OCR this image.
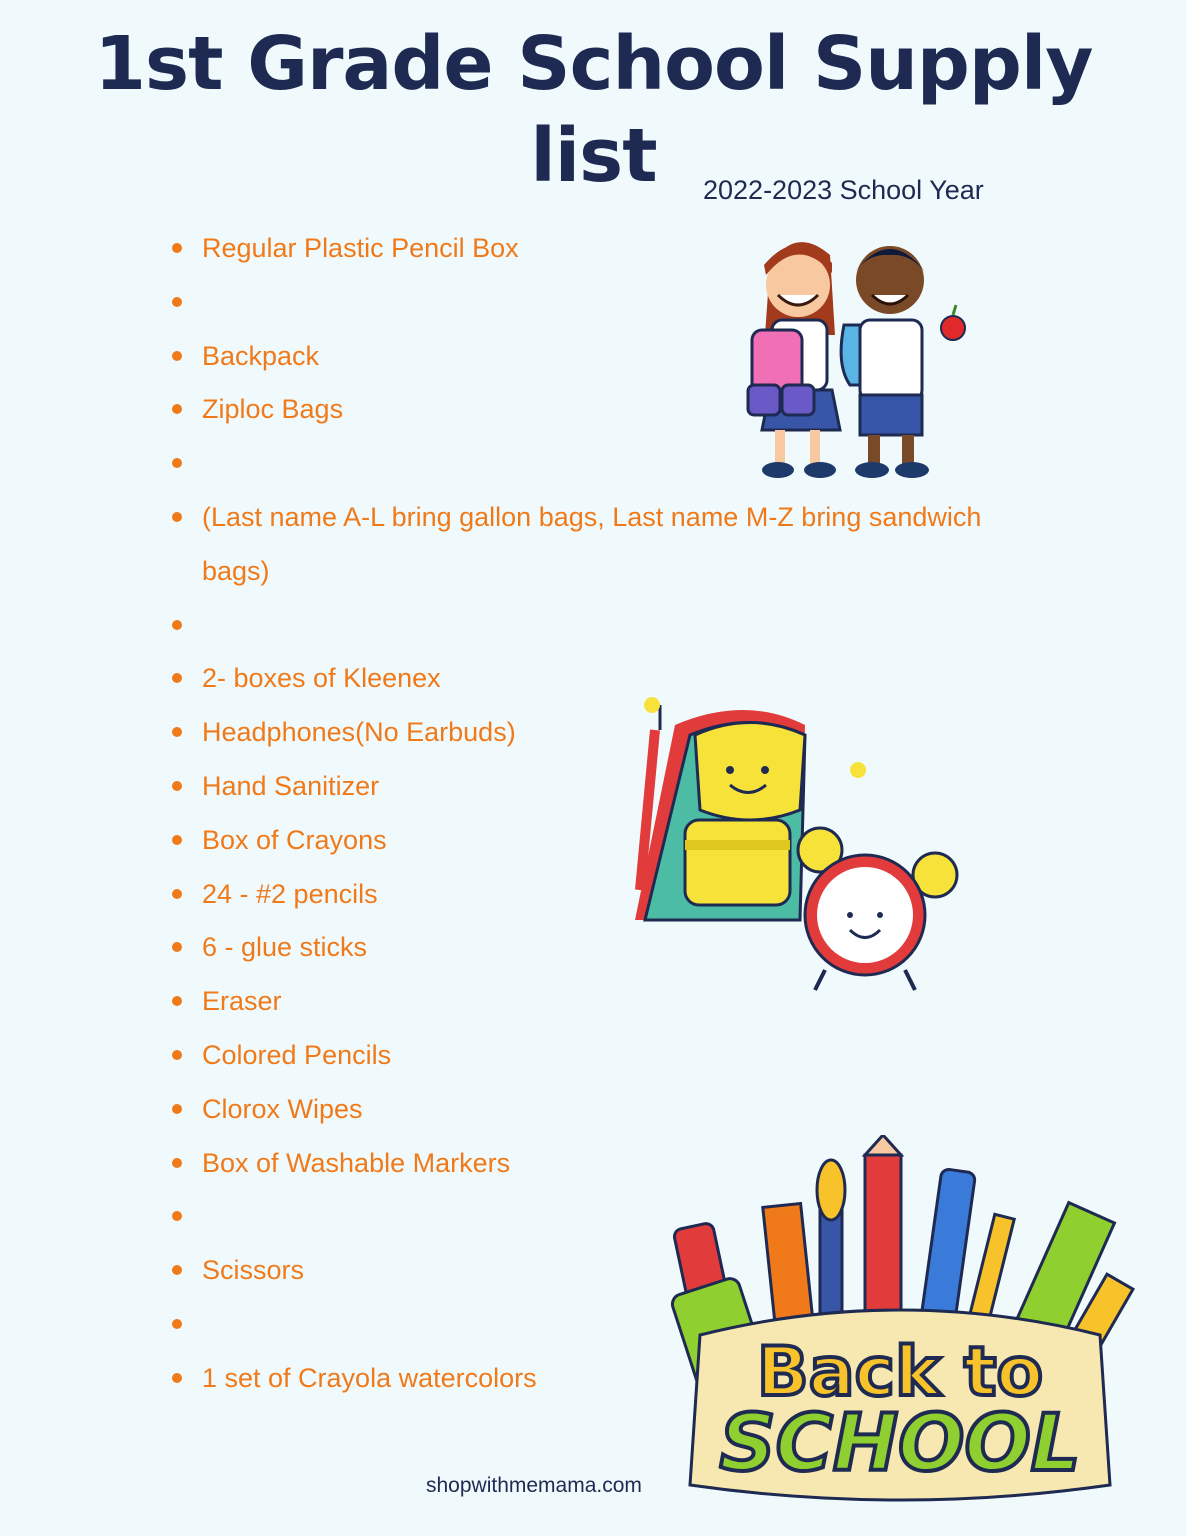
1st Grade School Supply
list	2022-2023 School Year
Regular Plastic Pencil Box
Backpack
Ziploc Bags
(Last name A-L bring gallon bags, Last name M-Z bring sandwich bags)
2- boxes of Kleenex
Headphones(No Earbuds)
Hand Sanitizer
Box of Crayons
24 - #2 pencils
6 - glue sticks
Eraser
Colored Pencils
Clorox Wipes
Box of Washable Markers
Scissors
1 set of Crayola watercolors	Back to
SCHOOL
shopwithmemama.com
